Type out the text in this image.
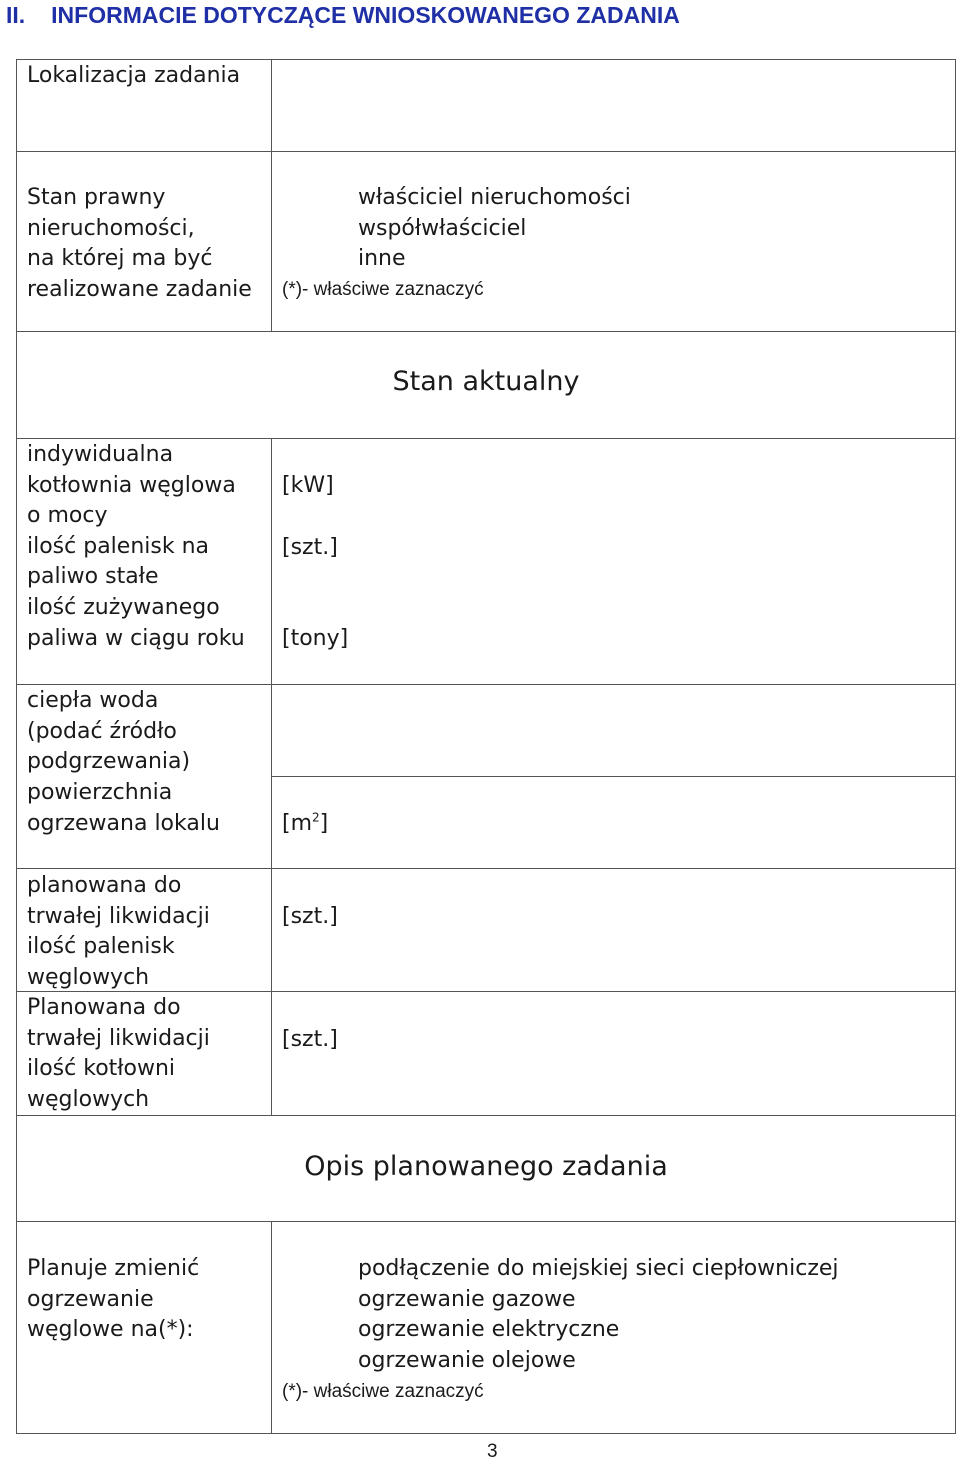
II. INFORMACIE DOTYCZĄCE WNIOSKOWANEGO ZADANIA
Lokalizacja zadania
Stan prawny
nieruchomości,
na której ma być
realizowane zadanie
właściciel nieruchomości
współwłaściciel
inne
(*)- właściwe zaznaczyć
Stan aktualny
indywidualna
kotłownia węglowa
o mocy
ilość palenisk na
paliwo stałe
ilość zużywanego
paliwa w ciągu roku
[kW]
[szt.]
[tony]
ciepła woda
(podać źródło
podgrzewania)
powierzchnia
ogrzewana lokalu	$[m^2]$
planowana do
trwałej likwidacji
ilość palenisk
węglowych
[szt.]
Planowana do
trwałej likwidacji
ilość kotłowni
węglowych
[szt.]
Opis planowanego zadania
Planuje zmienić
ogrzewanie
węglowe na(*):
podłączenie do miejskiej sieci ciepłowniczej
ogrzewanie gazowe
ogrzewanie elektryczne
ogrzewanie olejowe
(*)- właściwe zaznaczyć
3
